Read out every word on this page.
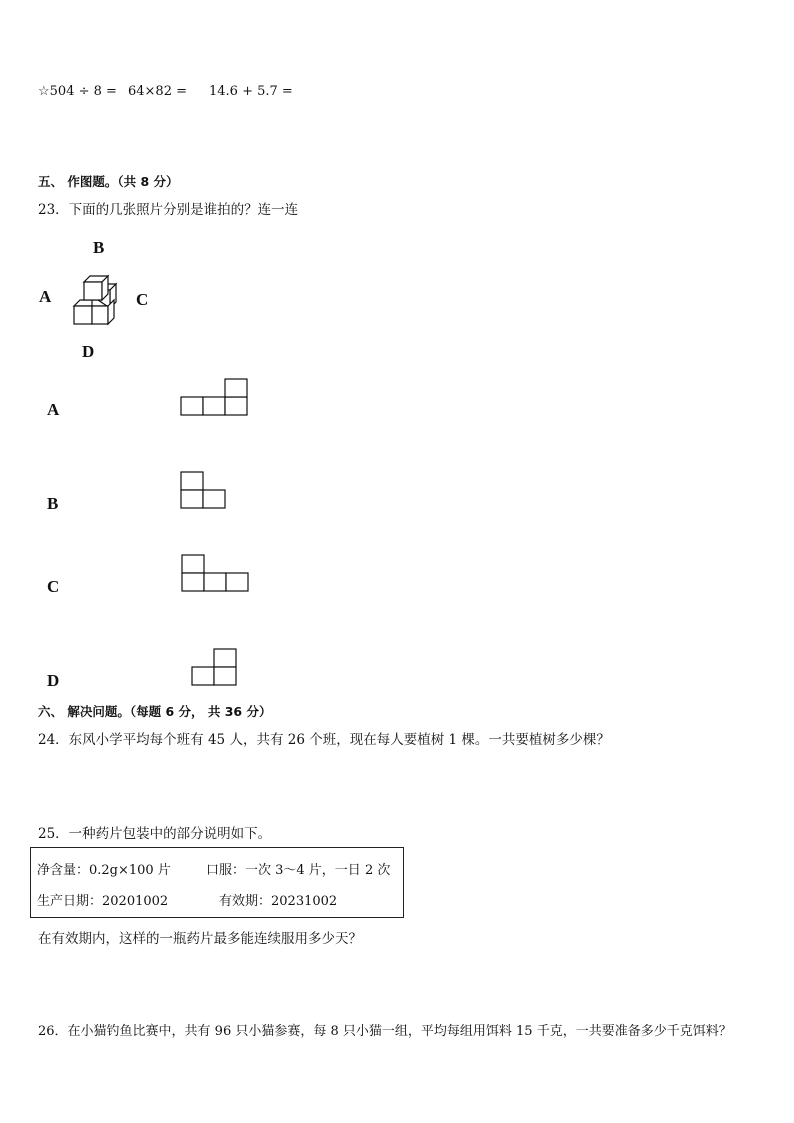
☆504 ÷ 8 = 64×82 = 14.6 + 5.7 =
五、 作图题。（共 8 分）
23．下面的几张照片分别是谁拍的？连一连
B
A	C
D
A
B
C
D
六、 解决问题。（每题 6 分， 共 36 分）
24．东风小学平均每个班有 45 人，共有 26 个班，现在每人要植树 1 棵。一共要植树多少棵？
25．一种药片包装中的部分说明如下。
净含量：0.2g×100 片	口服：一次 3～4 片，一日 2 次
生产日期：20201002	有效期：20231002
在有效期内，这样的一瓶药片最多能连续服用多少天？
26．在小猫钓鱼比赛中，共有 96 只小猫参赛，每 8 只小猫一组，平均每组用饵料 15 千克，一共要准备多少千克饵料？
